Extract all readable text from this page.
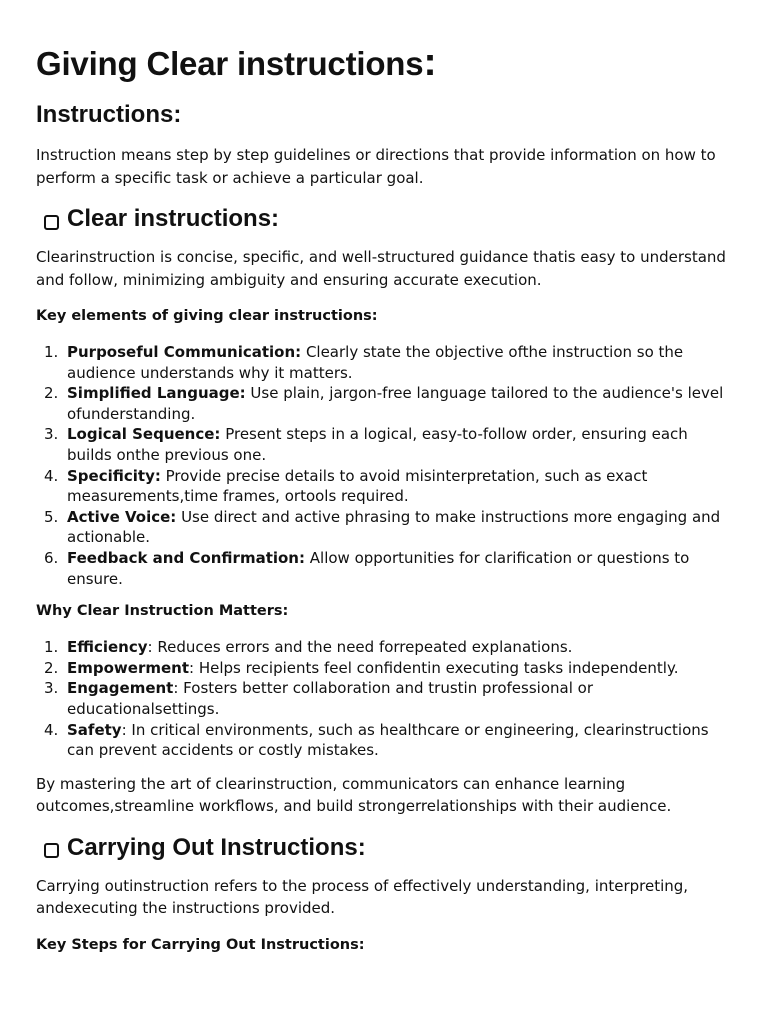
Giving Clear instructions:
Instructions:

Instruction means step by step guidelines or directions that provide information on how to perform a specific task or achieve a particular goal.

Clear instructions:

Clearinstruction is concise, specific, and well-structured guidance thatis easy to understand and follow, minimizing ambiguity and ensuring accurate execution.

Key elements of giving clear instructions:
1. Purposeful Communication: Clearly state the objective ofthe instruction so the audience understands why it matters.
2. Simplified Language: Use plain, jargon-free language tailored to the audience's level ofunderstanding.
3. Logical Sequence: Present steps in a logical, easy-to-follow order, ensuring each builds onthe previous one.
4. Specificity: Provide precise details to avoid misinterpretation, such as exact measurements,time frames, ortools required.
5. Active Voice: Use direct and active phrasing to make instructions more engaging and actionable.
6. Feedback and Confirmation: Allow opportunities for clarification or questions to ensure.
Why Clear Instruction Matters:
1. Efficiency: Reduces errors and the need forrepeated explanations.
2. Empowerment: Helps recipients feel confidentin executing tasks independently.
3. Engagement: Fosters better collaboration and trustin professional or educationalsettings.
4. Safety: In critical environments, such as healthcare or engineering, clearinstructions can prevent accidents or costly mistakes.

By mastering the art of clearinstruction, communicators can enhance learning outcomes,streamline workflows, and build strongerrelationships with their audience.

Carrying Out Instructions:

Carrying outinstruction refers to the process of effectively understanding, interpreting, andexecuting the instructions provided.

Key Steps for Carrying Out Instructions:
